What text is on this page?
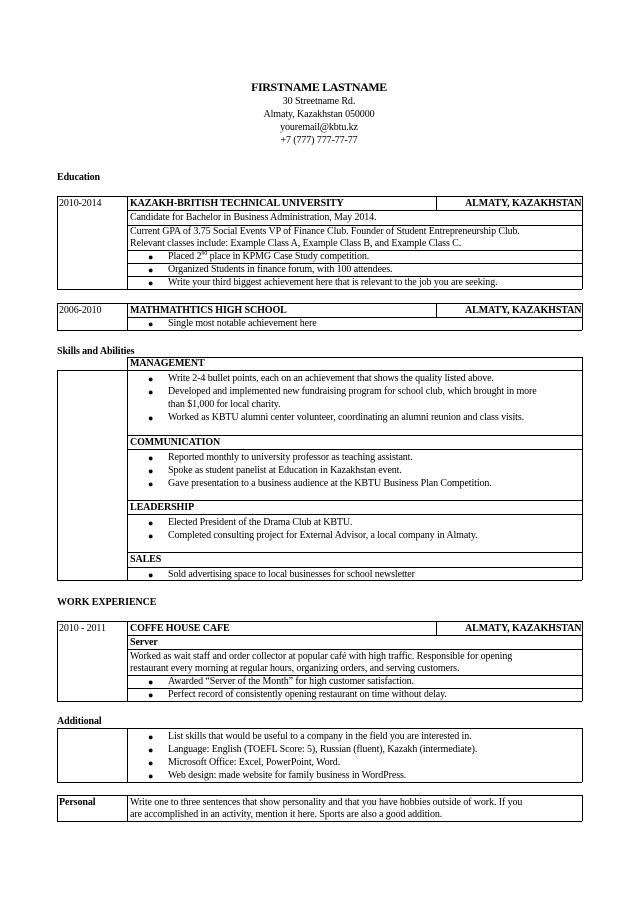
FIRSTNAME LASTNAME
30 Streetname Rd.
Almaty, Kazakhstan 050000
youremail@kbtu.kz
+7 (777) 777-77-77
Education
2010-2014	KAZAKH-BRITISH TECHNICAL UNIVERSITY	ALMATY, KAZAKHSTAN
Candidate for Bachelor in Business Administration, May 2014.
Current GPA of 3.75 Social Events VP of Finance Club. Founder of Student Entrepreneurship Club.
Relevant classes include: Example Class A, Example Class B, and Example Class C.
● Placed 2nd place in KPMG Case Study competition.
● Organized Students in finance forum, with 100 attendees.
● Write your third biggest achievement here that is relevant to the job you are seeking.
2006-2010	MATHMATHTICS HIGH SCHOOL	ALMATY, KAZAKHSTAN
● Single most notable achievement here
Skills and Abilities
MANAGEMENT
● Write 2-4 bullet points, each on an achievement that shows the quality listed above.
● Developed and implemented new fundraising program for school club, which brought in more
than $1,000 for local charity.
● Worked as KBTU alumni center volunteer, coordinating an alumni reunion and class visits.
COMMUNICATION
● Reported monthly to university professor as teaching assistant.
● Spoke as student panelist at Education in Kazakhstan event.
● Gave presentation to a business audience at the KBTU Business Plan Competition.
LEADERSHIP
● Elected President of the Drama Club at KBTU.
● Completed consulting project for External Advisor, a local company in Almaty.
SALES
● Sold advertising space to local businesses for school newsletter
WORK EXPERIENCE
2010 - 2011 COFFE HOUSE CAFE	ALMATY, KAZAKHSTAN
Server
Worked as wait staff and order collector at popular café with high traffic. Responsible for opening
restaurant every morning at regular hours, organizing orders, and serving customers.
● Awarded “Server of the Month” for high customer satisfaction.
● Perfect record of consistently opening restaurant on time without delay.
Additional
● List skills that would be useful to a company in the field you are interested in.
● Language: English (TOEFL Score: 5), Russian (fluent), Kazakh (intermediate).
● Microsoft Office: Excel, PowerPoint, Word.
● Web design: made website for family business in WordPress.
Personal	Write one to three sentences that show personality and that you have hobbies outside of work. If you
are accomplished in an activity, mention it here. Sports are also a good addition.
